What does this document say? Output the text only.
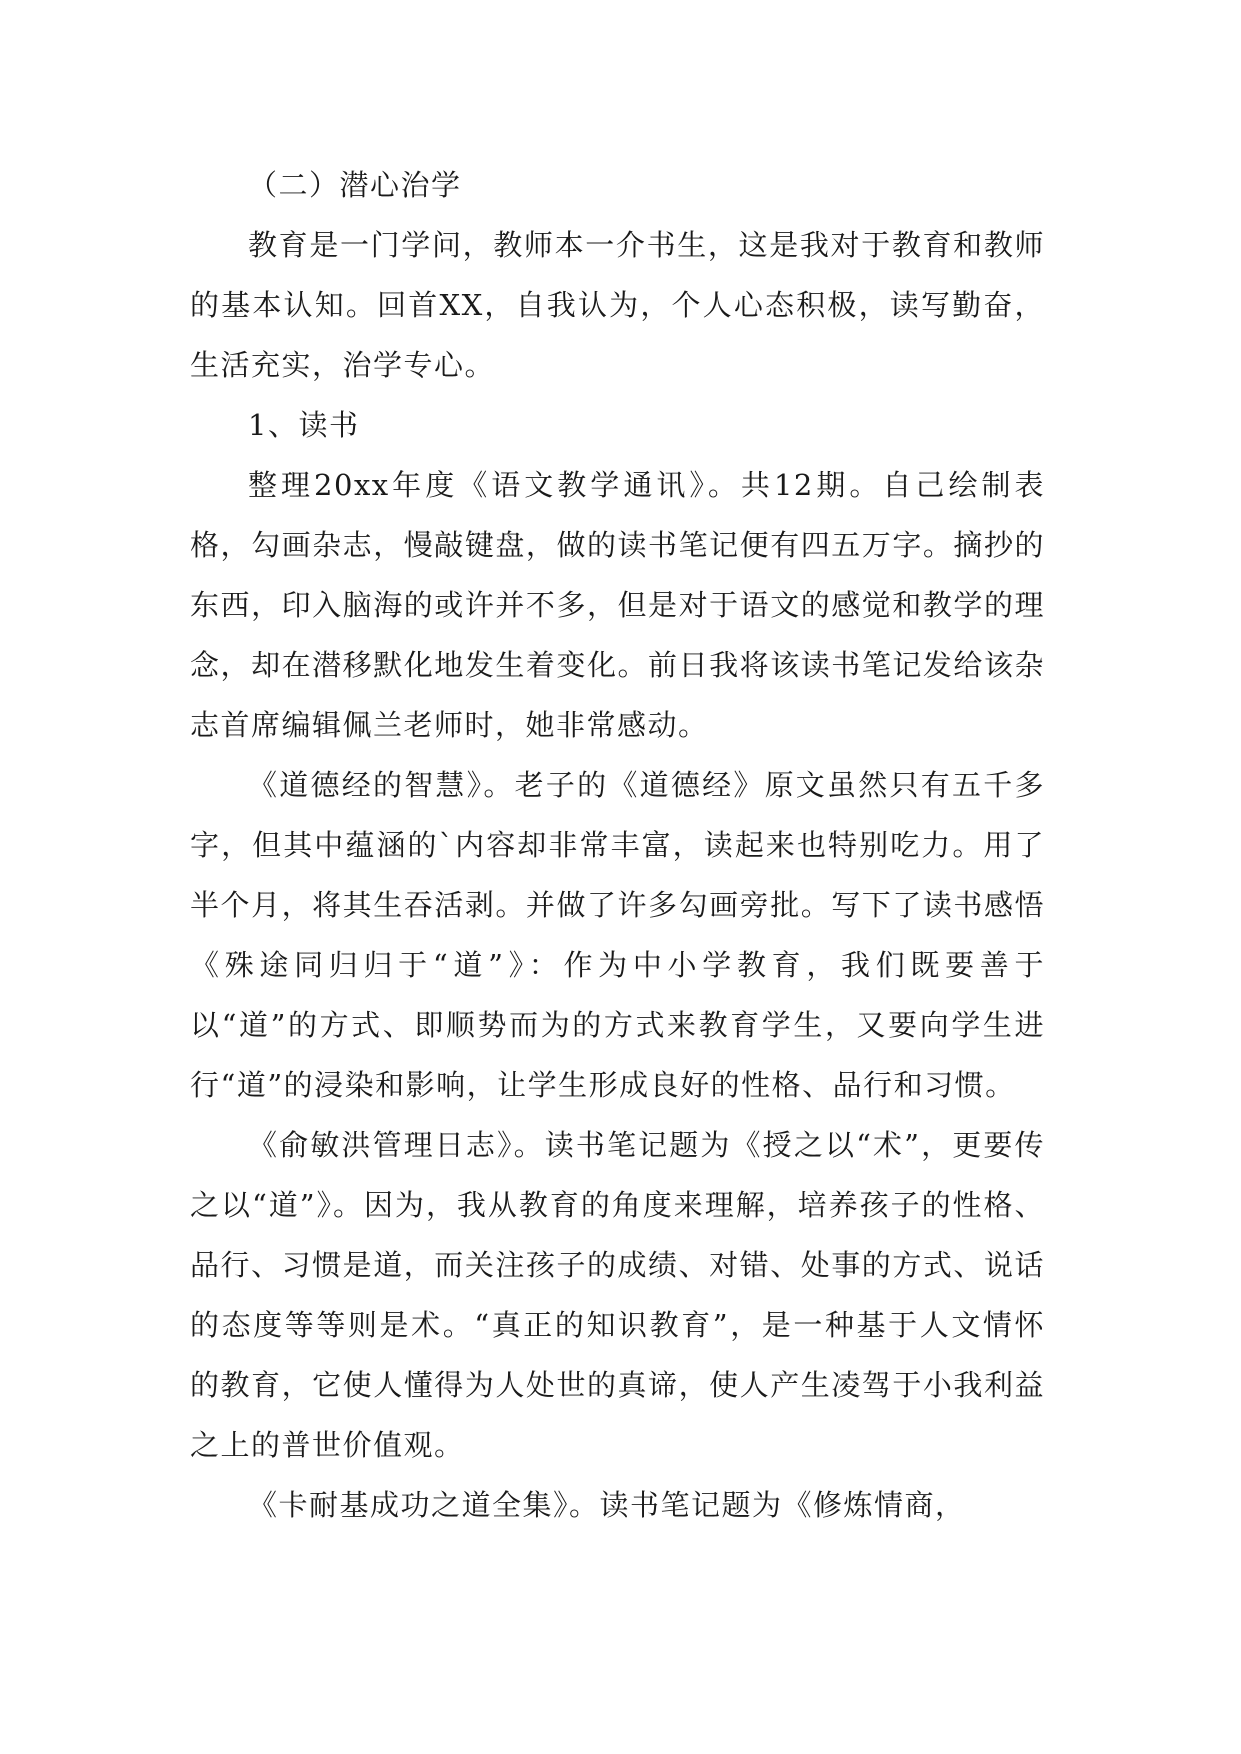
（二）潜心治学

教育是一门学问，教师本一介书生，这是我对于教育和教师的基本认知。回首XX，自我认为，个人心态积极，读写勤奋，生活充实，治学专心。

1、读书

整理20xx年度《语文教学通讯》。共12期。自己绘制表格，勾画杂志，慢敲键盘，做的读书笔记便有四五万字。摘抄的东西，印入脑海的或许并不多，但是对于语文的感觉和教学的理念，却在潜移默化地发生着变化。前日我将该读书笔记发给该杂志首席编辑佩兰老师时，她非常感动。

《道德经的智慧》。老子的《道德经》原文虽然只有五千多字，但其中蕴涵的`内容却非常丰富，读起来也特别吃力。用了半个月，将其生吞活剥。并做了许多勾画旁批。写下了读书感悟《殊途同归归于“道”》：作为中小学教育，我们既要善于以“道”的方式、即顺势而为的方式来教育学生，又要向学生进行“道”的浸染和影响，让学生形成良好的性格、品行和习惯。

《俞敏洪管理日志》。读书笔记题为《授之以“术”，更要传之以“道”》。因为，我从教育的角度来理解，培养孩子的性格、品行、习惯是道，而关注孩子的成绩、对错、处事的方式、说话的态度等等则是术。“真正的知识教育”，是一种基于人文情怀的教育，它使人懂得为人处世的真谛，使人产生凌驾于小我利益之上的普世价值观。

《卡耐基成功之道全集》。读书笔记题为《修炼情商，
